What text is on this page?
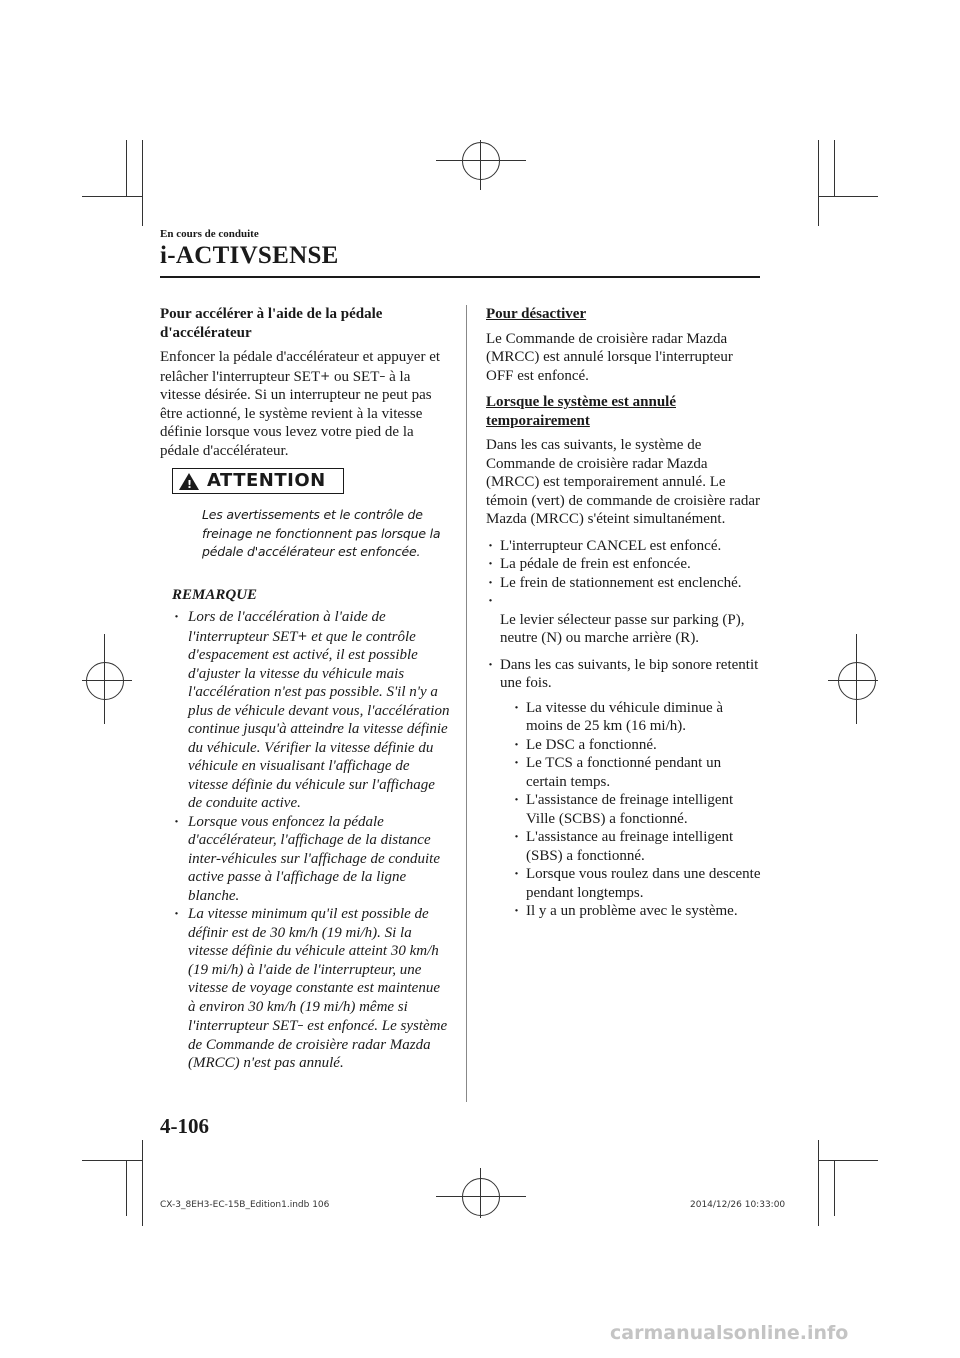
En cours de conduite
i-ACTIVSENSE
Pour accélérer à l'aide de la pédale d'accélérateur

Enfoncer la pédale d'accélérateur et appuyer et relâcher l'interrupteur SET+ ou SET– à la vitesse désirée. Si un interrupteur ne peut pas être actionné, le système revient à la vitesse définie lorsque vous levez votre pied de la pédale d'accélérateur.

! ATTENTION
Les avertissements et le contrôle de freinage ne fonctionnent pas lorsque la pédale d'accélérateur est enfoncée.
REMARQUE
· Lors de l'accélération à l'aide de l'interrupteur SET+ et que le contrôle d'espacement est activé, il est possible d'ajuster la vitesse du véhicule mais l'accélération n'est pas possible. S'il n'y a plus de véhicule devant vous, l'accélération continue jusqu'à atteindre la vitesse définie du véhicule. Vérifier la vitesse définie du véhicule en visualisant l'affichage de vitesse définie du véhicule sur l'affichage de conduite active.
· Lorsque vous enfoncez la pédale d'accélérateur, l'affichage de la distance inter-véhicules sur l'affichage de conduite active passe à l'affichage de la ligne blanche.
· La vitesse minimum qu'il est possible de définir est de 30 km/h (19 mi/h). Si la vitesse définie du véhicule atteint 30 km/h (19 mi/h) à l'aide de l'interrupteur, une vitesse de voyage constante est maintenue à environ 30 km/h (19 mi/h) même si l'interrupteur SET– est enfoncé. Le système de Commande de croisière radar Mazda (MRCC) n'est pas annulé.
Pour désactiver

Le Commande de croisière radar Mazda (MRCC) est annulé lorsque l'interrupteur OFF est enfoncé.

Lorsque le système est annulé temporairement

Dans les cas suivants, le système de Commande de croisière radar Mazda (MRCC) est temporairement annulé. Le témoin (vert) de commande de croisière radar Mazda (MRCC) s'éteint simultanément.

· L'interrupteur CANCEL est enfoncé.
· La pédale de frein est enfoncée.
· Le frein de stationnement est enclenché.
·

Le levier sélecteur passe sur parking (P), neutre (N) ou marche arrière (R).

· Dans les cas suivants, le bip sonore retentit une fois.
· La vitesse du véhicule diminue à moins de 25 km (16 mi/h).
· Le DSC a fonctionné.
· Le TCS a fonctionné pendant un certain temps.
· L'assistance de freinage intelligent Ville (SCBS) a fonctionné.
· L'assistance au freinage intelligent (SBS) a fonctionné.
· Lorsque vous roulez dans une descente pendant longtemps.
· Il y a un problème avec le système.
4-106
CX-3_8EH3-EC-15B_Edition1.indb 106	2014/12/26 10:33:00
carmanualsonline.info
